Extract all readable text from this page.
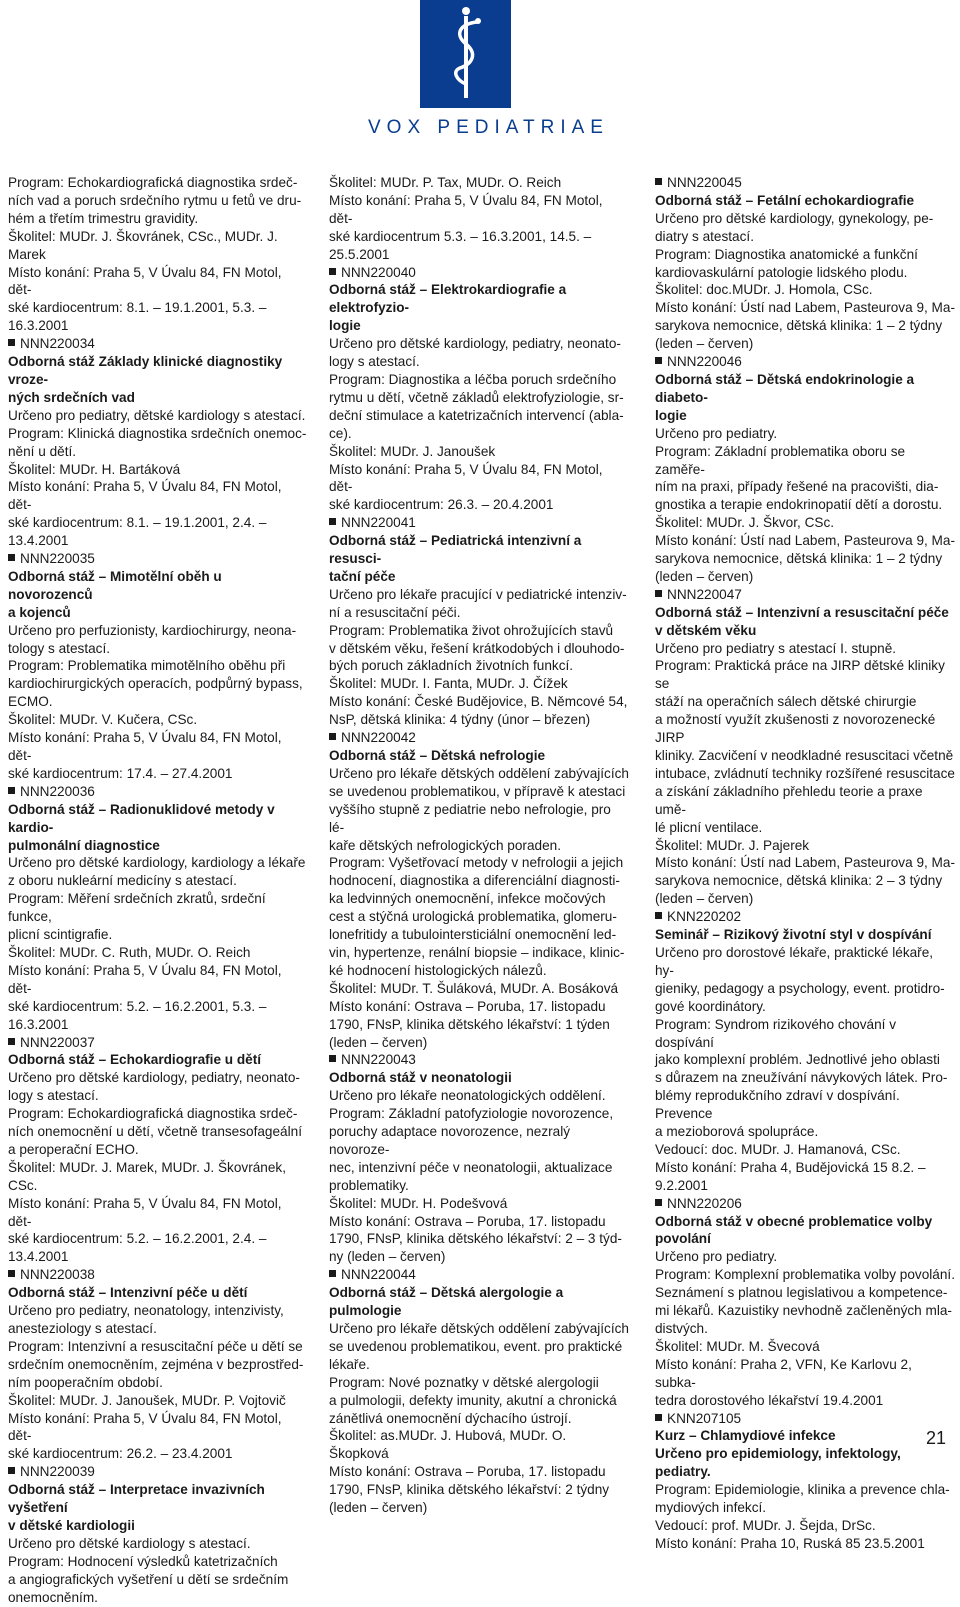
VOX PEDIATRIAE

Program: Echokardiografická diagnostika srdeč-

ních vad a poruch srdečního rytmu u fetů ve dru-

hém a třetím trimestru gravidity.

Školitel: MUDr. J. Škovránek, CSc., MUDr. J. Marek

Místo konání: Praha 5, V Úvalu 84, FN Motol, dět-

ské kardiocentrum: 8.1. – 19.1.2001, 5.3. –

16.3.2001

NNN220034

Odborná stáž Základy klinické diagnostiky vroze-

ných srdečních vad

Určeno pro pediatry, dětské kardiology s atestací.

Program: Klinická diagnostika srdečních onemoc-

nění u dětí.

Školitel: MUDr. H. Bartáková

Místo konání: Praha 5, V Úvalu 84, FN Motol, dět-

ské kardiocentrum: 8.1. – 19.1.2001, 2.4. –

13.4.2001

NNN220035

Odborná stáž – Mimotělní oběh u novorozenců

a kojenců

Určeno pro perfuzionisty, kardiochirurgy, neona-

tology s atestací.

Program: Problematika mimotělního oběhu při

kardiochirurgických operacích, podpůrný bypass,

ECMO.

Školitel: MUDr. V. Kučera, CSc.

Místo konání: Praha 5, V Úvalu 84, FN Motol, dět-

ské kardiocentrum: 17.4. – 27.4.2001

NNN220036

Odborná stáž – Radionuklidové metody v kardio-

pulmonální diagnostice

Určeno pro dětské kardiology, kardiology a lékaře

z oboru nukleární medicíny s atestací.

Program: Měření srdečních zkratů, srdeční funkce,

plicní scintigrafie.

Školitel: MUDr. C. Ruth, MUDr. O. Reich

Místo konání: Praha 5, V Úvalu 84, FN Motol, dět-

ské kardiocentrum: 5.2. – 16.2.2001, 5.3. –

16.3.2001

NNN220037

Odborná stáž – Echokardiografie u dětí

Určeno pro dětské kardiology, pediatry, neonato-

logy s atestací.

Program: Echokardiografická diagnostika srdeč-

ních onemocnění u dětí, včetně transesofageální

a peroperační ECHO.

Školitel: MUDr. J. Marek, MUDr. J. Škovránek, CSc.

Místo konání: Praha 5, V Úvalu 84, FN Motol, dět-

ské kardiocentrum: 5.2. – 16.2.2001, 2.4. –

13.4.2001

NNN220038

Odborná stáž – Intenzivní péče u dětí

Určeno pro pediatry, neonatology, intenzivisty,

anesteziology s atestací.

Program: Intenzivní a resuscitační péče u dětí se

srdečním onemocněním, zejména v bezprostřed-

ním pooperačním období.

Školitel: MUDr. J. Janoušek, MUDr. P. Vojtovič

Místo konání: Praha 5, V Úvalu 84, FN Motol, dět-

ské kardiocentrum: 26.2. – 23.4.2001

NNN220039

Odborná stáž – Interpretace invazivních vyšetření

v dětské kardiologii

Určeno pro dětské kardiology s atestací.

Program: Hodnocení výsledků katetrizačních

a angiografických vyšetření u dětí se srdečním

onemocněním.

Školitel: MUDr. P. Tax, MUDr. O. Reich

Místo konání: Praha 5, V Úvalu 84, FN Motol, dět-

ské kardiocentrum 5.3. – 16.3.2001, 14.5. –

25.5.2001

NNN220040

Odborná stáž – Elektrokardiografie a elektrofyzio-

logie

Určeno pro dětské kardiology, pediatry, neonato-

logy s atestací.

Program: Diagnostika a léčba poruch srdečního

rytmu u dětí, včetně základů elektrofyziologie, sr-

deční stimulace a katetrizačních intervencí (abla-

ce).

Školitel: MUDr. J. Janoušek

Místo konání: Praha 5, V Úvalu 84, FN Motol, dět-

ské kardiocentrum: 26.3. – 20.4.2001

NNN220041

Odborná stáž – Pediatrická intenzivní a resusci-

tační péče

Určeno pro lékaře pracující v pediatrické intenziv-

ní a resuscitační péči.

Program: Problematika život ohrožujících stavů

v dětském věku, řešení krátkodobých i dlouhodo-

bých poruch základních životních funkcí.

Školitel: MUDr. I. Fanta, MUDr. J. Čížek

Místo konání: České Budějovice, B. Němcové 54,

NsP, dětská klinika: 4 týdny (únor – březen)

NNN220042

Odborná stáž – Dětská nefrologie

Určeno pro lékaře dětských oddělení zabývajících

se uvedenou problematikou, v přípravě k atestaci

vyššího stupně z pediatrie nebo nefrologie, pro lé-

kaře dětských nefrologických poraden.

Program: Vyšetřovací metody v nefrologii a jejich

hodnocení, diagnostika a diferenciální diagnosti-

ka ledvinných onemocnění, infekce močových

cest a stýčná urologická problematika, glomeru-

lonefritidy a tubulointersticiální onemocnění led-

vin, hypertenze, renální biopsie – indikace, klinic-

ké hodnocení histologických nálezů.

Školitel: MUDr. T. Šuláková, MUDr. A. Bosáková

Místo konání: Ostrava – Poruba, 17. listopadu

1790, FNsP, klinika dětského lékařství: 1 týden

(leden – červen)

NNN220043

Odborná stáž v neonatologii

Určeno pro lékaře neonatologických oddělení.

Program: Základní patofyziologie novorozence,

poruchy adaptace novorozence, nezralý novoroze-

nec, intenzivní péče v neonatologii, aktualizace

problematiky.

Školitel: MUDr. H. Podešvová

Místo konání: Ostrava – Poruba, 17. listopadu

1790, FNsP, klinika dětského lékařství: 2 – 3 týd-

ny (leden – červen)

NNN220044

Odborná stáž – Dětská alergologie a pulmologie

Určeno pro lékaře dětských oddělení zabývajících

se uvedenou problematikou, event. pro praktické

lékaře.

Program: Nové poznatky v dětské alergologii

a pulmologii, defekty imunity, akutní a chronická

zánětlivá onemocnění dýchacího ústrojí.

Školitel: as.MUDr. J. Hubová, MUDr. O. Škopková

Místo konání: Ostrava – Poruba, 17. listopadu

1790, FNsP, klinika dětského lékařství: 2 týdny

(leden – červen)

NNN220045

Odborná stáž – Fetální echokardiografie

Určeno pro dětské kardiology, gynekology, pe-

diatry s atestací.

Program: Diagnostika anatomické a funkční

kardiovaskulární patologie lidského plodu.

Školitel: doc.MUDr. J. Homola, CSc.

Místo konání: Ústí nad Labem, Pasteurova 9, Ma-

sarykova nemocnice, dětská klinika: 1 – 2 týdny

(leden – červen)

NNN220046

Odborná stáž – Dětská endokrinologie a diabeto-

logie

Určeno pro pediatry.

Program: Základní problematika oboru se zaměře-

ním na praxi, případy řešené na pracovišti, dia-

gnostika a terapie endokrinopatií dětí a dorostu.

Školitel: MUDr. J. Škvor, CSc.

Místo konání: Ústí nad Labem, Pasteurova 9, Ma-

sarykova nemocnice, dětská klinika: 1 – 2 týdny

(leden – červen)

NNN220047

Odborná stáž – Intenzivní a resuscitační péče

v dětském věku

Určeno pro pediatry s atestací I. stupně.

Program: Praktická práce na JIRP dětské kliniky se

stáží na operačních sálech dětské chirurgie

a možností využít zkušenosti z novorozenecké JIRP

kliniky. Zacvičení v neodkladné resuscitaci včetně

intubace, zvládnutí techniky rozšířené resuscitace

a získání základního přehledu teorie a praxe umě-

lé plicní ventilace.

Školitel: MUDr. J. Pajerek

Místo konání: Ústí nad Labem, Pasteurova 9, Ma-

sarykova nemocnice, dětská klinika: 2 – 3 týdny

(leden – červen)

KNN220202

Seminář – Rizikový životní styl v dospívání

Určeno pro dorostové lékaře, praktické lékaře, hy-

gieniky, pedagogy a psychology, event. protidro-

gové koordinátory.

Program: Syndrom rizikového chování v dospívání

jako komplexní problém. Jednotlivé jeho oblasti

s důrazem na zneužívání návykových látek. Pro-

blémy reprodukčního zdraví v dospívání. Prevence

a mezioborová spolupráce.

Vedoucí: doc. MUDr. J. Hamanová, CSc.

Místo konání: Praha 4, Budějovická 15 8.2. –

9.2.2001

NNN220206

Odborná stáž v obecné problematice volby povolání

Určeno pro pediatry.

Program: Komplexní problematika volby povolání.

Seznámení s platnou legislativou a kompetence-

mi lékařů. Kazuistiky nevhodně začleněných mla-

distvých.

Školitel: MUDr. M. Švecová

Místo konání: Praha 2, VFN, Ke Karlovu 2, subka-

tedra dorostového lékařství 19.4.2001

KNN207105

Kurz – Chlamydiové infekce

Určeno pro epidemiology, infektology, pediatry.

Program: Epidemiologie, klinika a prevence chla-

mydiových infekcí.

Vedoucí: prof. MUDr. J. Šejda, DrSc.

Místo konání: Praha 10, Ruská 85 23.5.2001

21
